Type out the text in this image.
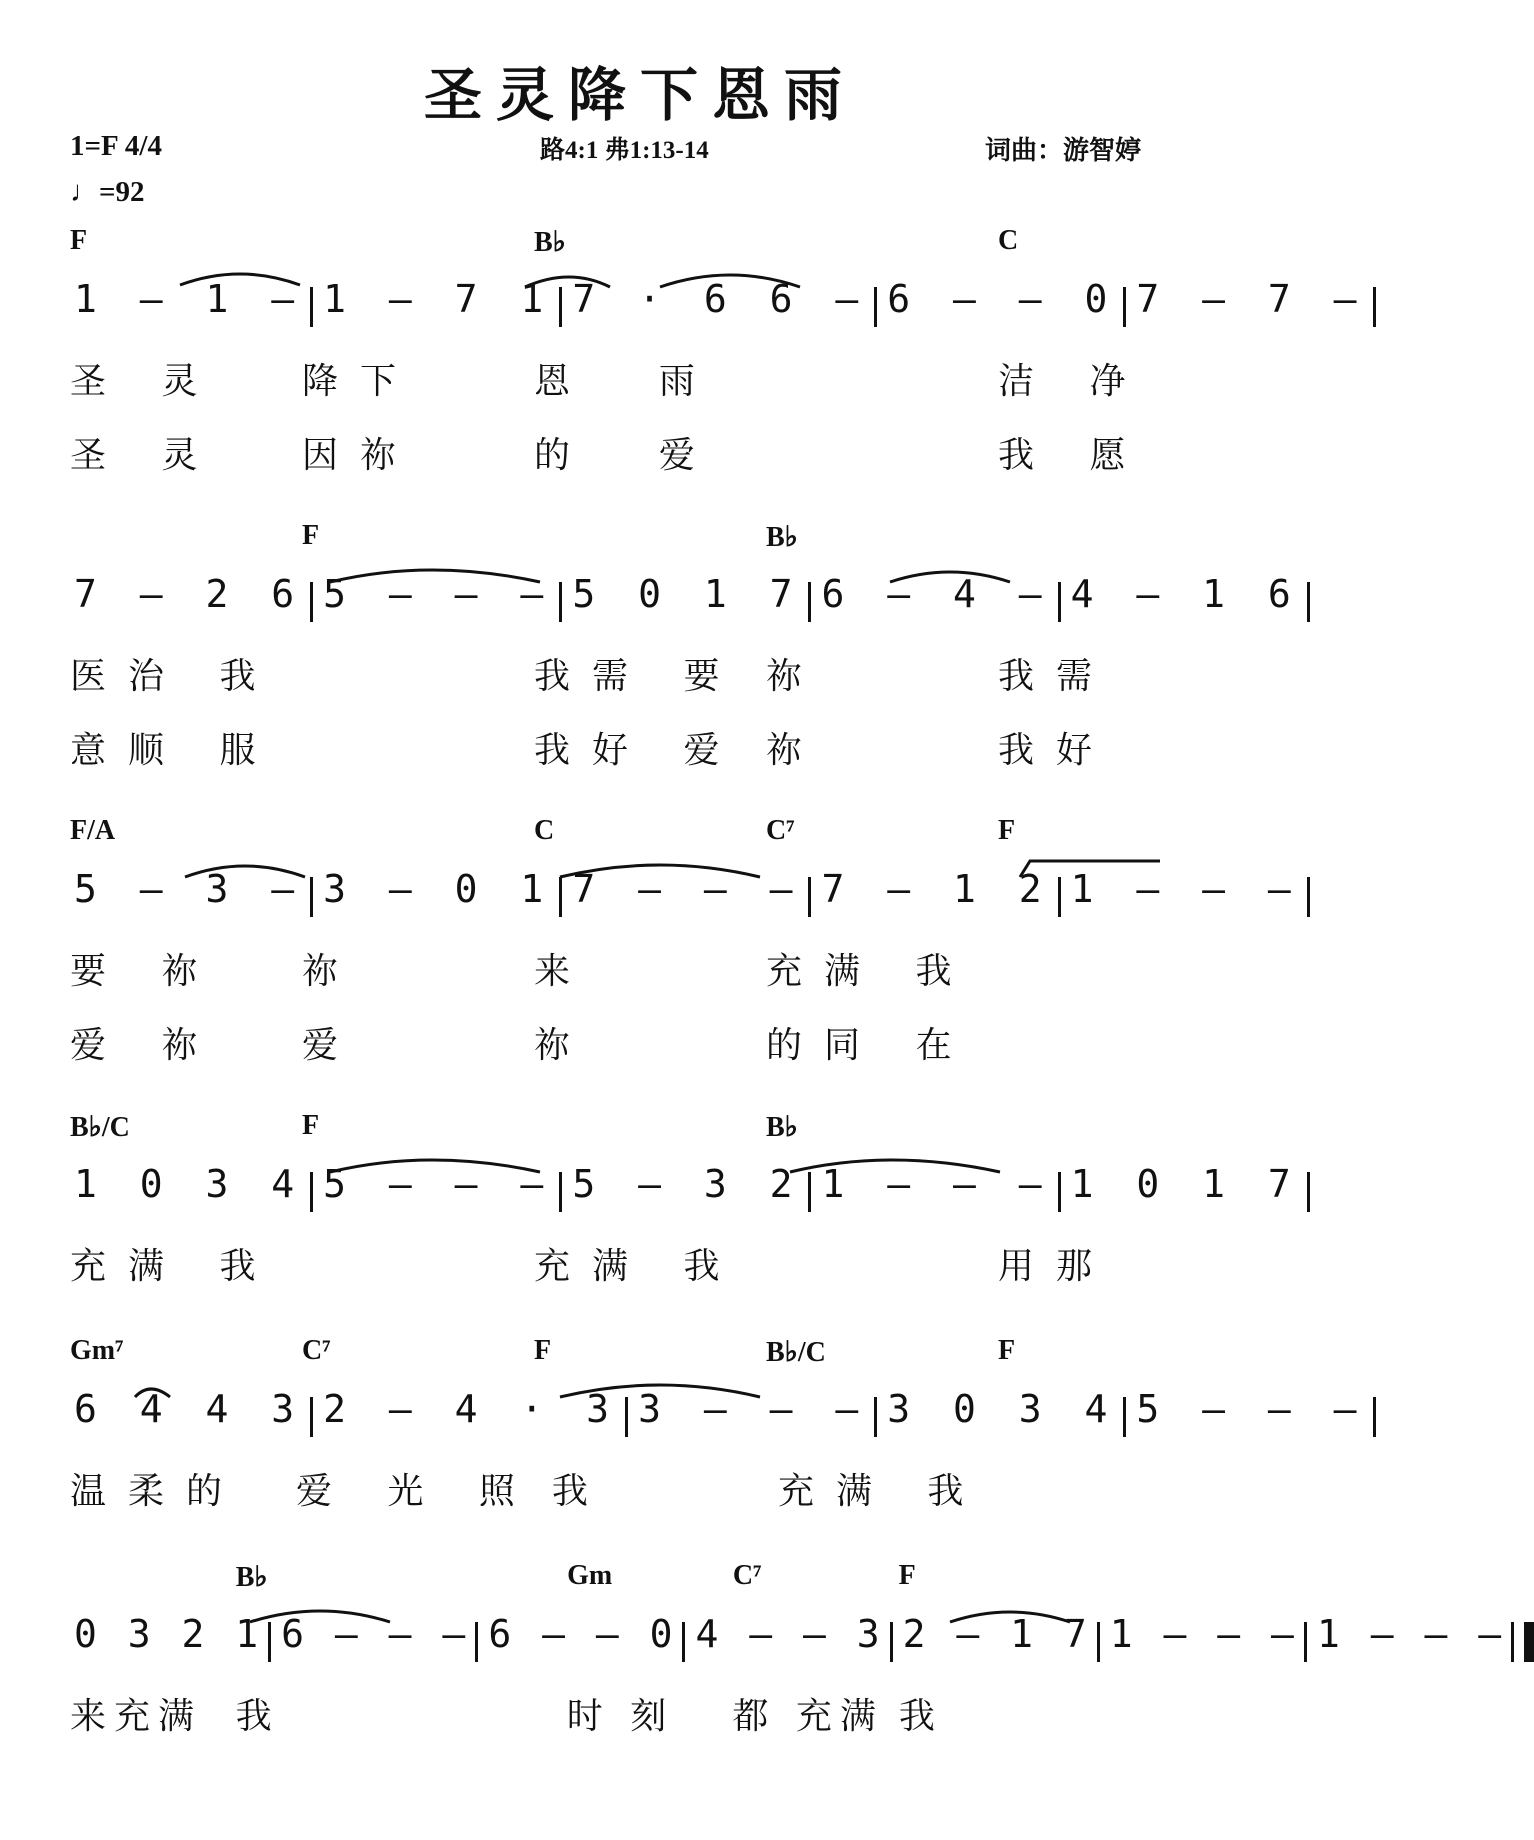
圣灵降下恩雨
1=F 4/4
♩=92
路4:1 弗1:13-14	词曲：游智婷
F	B♭	C
1 – 1 – 1 – 7 1 7 · 6 6 – 6 – – 0 7 – 7 –
圣 灵	降下	恩  雨	洁 净
圣 灵	因祢	的  爱	我 愿
F	B♭
7 – 2 6 5 – – – 5 0 1 7 6 – 4 – 4 – 1 6
医治 我	我需 要 祢	我需
意顺 服	我好 爱 祢	我好
F/A	C	C⁷	F
5 – 3 – 3 – 0 1 7 – – – 7 – 1 2 1 – – –
要 祢	祢	来	充满 我
爱 祢	爱	祢	的同 在
B♭/C	F	B♭
1 0 3 4 5 – – – 5 – 3 2 1 – – – 1 0 1 7
充满 我	充满 我	用那
Gm⁷	C⁷	F	B♭/C	F
6 4 4 3 2 – 4 · 3 3 – – – 3 0 3 4 5 – – –
温柔的	爱 光 照 我	充满 我
B♭	Gm	C⁷	F
0 3 2 1 6 – – – 6 – – 0 4 – – 3 2 – 1 7 1 – – – 1 – – –
来充满 我	时 刻	都 充满 我
